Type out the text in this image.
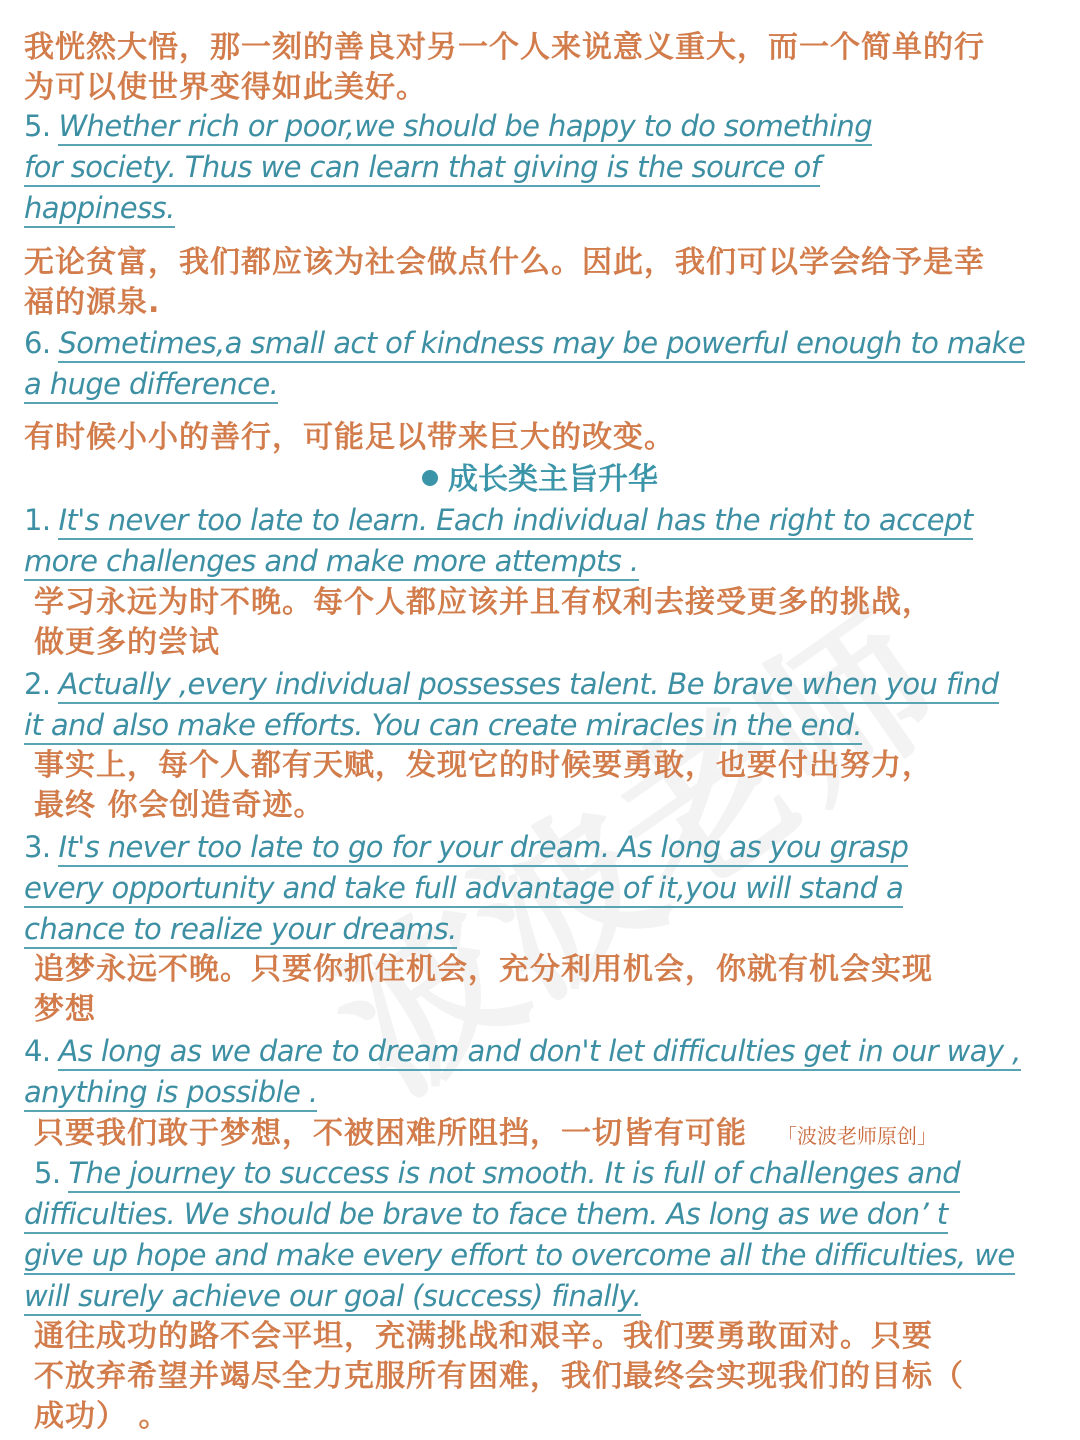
我恍然大悟，那一刻的善良对另一个人来说意义重大，而一个简单的行
为可以使世界变得如此美好。
5. Whether rich or poor,we should be happy to do something
for society. Thus we can learn that giving is the source of
happiness.
无论贫富，我们都应该为社会做点什么。因此，我们可以学会给予是幸
福的源泉.
6. Sometimes,a small act of kindness may be powerful enough to make
a huge difference.
有时候小小的善行，可能足以带来巨大的改变。
成长类主旨升华
1. It's never too late to learn. Each individual has the right to accept
more challenges and make more attempts .
学习永远为时不晚。每个人都应该并且有权利去接受更多的挑战，
做更多的尝试
2. Actually ,every individual possesses talent. Be brave when you find
it and also make efforts. You can create miracles in the end.
事实上，每个人都有天赋，发现它的时候要勇敢，也要付出努力，
最终 你会创造奇迹。
3. It's never too late to go for your dream. As long as you grasp
every opportunity and take full advantage of it,you will stand a
chance to realize your dreams.
追梦永远不晚。只要你抓住机会，充分利用机会，你就有机会实现
梦想
4. As long as we dare to dream and don't let difficulties get in our way ,
anything is possible .
只要我们敢于梦想，不被困难所阻挡，一切皆有可能 「波波老师原创」
5. The journey to success is not smooth. It is full of challenges and
difficulties. We should be brave to face them. As long as we don’ t
give up hope and make every effort to overcome all the difficulties, we
will surely achieve our goal (success) finally.
通往成功的路不会平坦，充满挑战和艰辛。我们要勇敢面对。只要
不放弃希望并竭尽全力克服所有困难，我们最终会实现我们的目标（
成功） 。
